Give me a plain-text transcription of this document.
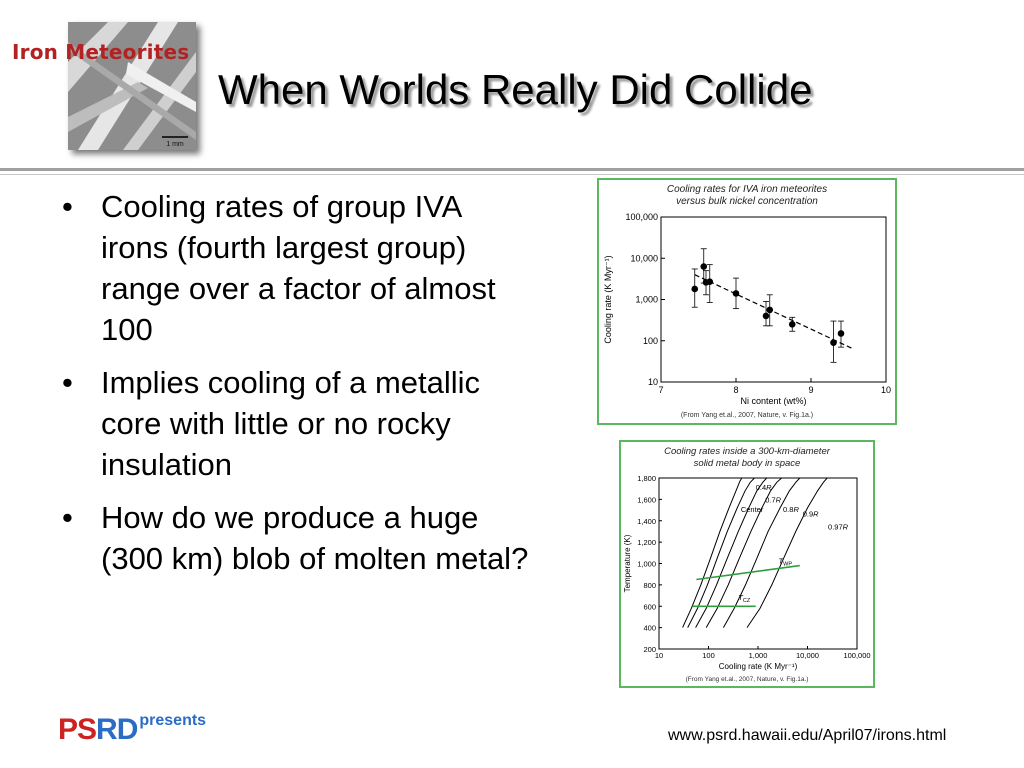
1 mm
Iron Meteorites
When Worlds Really Did Collide
• Cooling rates of group IVA irons (fourth largest group) range over a factor of almost 100
• Implies cooling of a metallic core with little or no rocky insulation
• How do we produce a huge (300 km) blob of molten metal?
Cooling rates for IVA iron meteorites
versus bulk nickel concentration
10
100
1,000
10,000
100,000
7	8	9	10
Ni content (wt%)
Cooling rate (K Myr⁻¹)
(From Yang et.al., 2007, Nature, v. Fig.1a.)
Cooling rates inside a 300-km-diameter
solid metal body in space
200
400
600
800
1,000
1,200
1,400
1,600
1,800
10	100	1,000	10,000	100,000
Cooling rate (K Myr⁻¹)
Temperature (K)
Center
0.4R
0.7R
0.8R 0.9R
0.97R
$T_{WP}$
$T_{CZ}$
(From Yang et.al., 2007, Nature, v. Fig.1a.)
PSRD presents
www.psrd.hawaii.edu/April07/irons.html
